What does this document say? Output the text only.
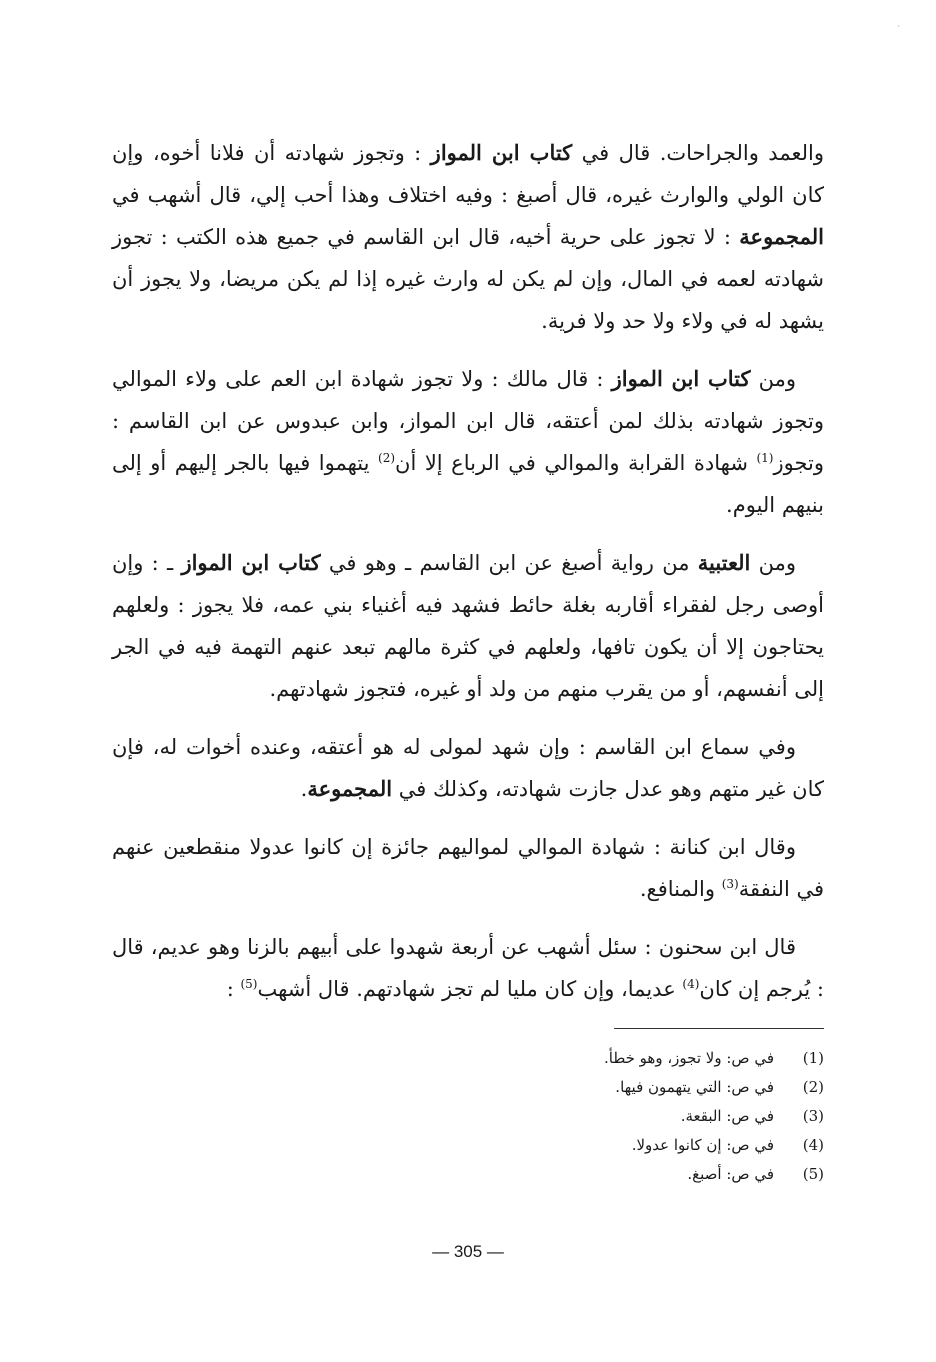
·

والعمد والجراحات. قال في كتاب ابن المواز : وتجوز شهادته أن فلانا أخوه، وإن كان الولي والوارث غيره، قال أصبغ : وفيه اختلاف وهذا أحب إلي، قال أشهب في المجموعة : لا تجوز على حرية أخيه، قال ابن القاسم في جميع هذه الكتب : تجوز شهادته لعمه في المال، وإن لم يكن له وارث غيره إذا لم يكن مريضا، ولا يجوز أن يشهد له في ولاء ولا حد ولا فرية.

ومن كتاب ابن المواز : قال مالك : ولا تجوز شهادة ابن العم على ولاء الموالي وتجوز شهادته بذلك لمن أعتقه، قال ابن المواز، وابن عبدوس عن ابن القاسم : وتجوز$^{(1)}$ شهادة القرابة والموالي في الرباع إلا أن$^{(2)}$ يتهموا فيها بالجر إليهم أو إلى بنيهم اليوم.

ومن العتبية من رواية أصبغ عن ابن القاسم ـ وهو في كتاب ابن المواز ـ : وإن أوصى رجل لفقراء أقاربه بغلة حائط فشهد فيه أغنياء بني عمه، فلا يجوز : ولعلهم يحتاجون إلا أن يكون تافها، ولعلهم في كثرة مالهم تبعد عنهم التهمة فيه في الجر إلى أنفسهم، أو من يقرب منهم من ولد أو غيره، فتجوز شهادتهم.

وفي سماع ابن القاسم : وإن شهد لمولى له هو أعتقه، وعنده أخوات له، فإن كان غير متهم وهو عدل جازت شهادته، وكذلك في المجموعة.

وقال ابن كنانة : شهادة الموالي لمواليهم جائزة إن كانوا عدولا منقطعين عنهم في النفقة$^{(3)}$ والمنافع.

قال ابن سحنون : سئل أشهب عن أربعة شهدوا على أبيهم بالزنا وهو عديم، قال : يُرجم إن كان$^{(4)}$ عديما، وإن كان مليا لم تجز شهادتهم. قال أشهب$^{(5)}$ :

(1)
في ص: ولا تجوز، وهو خطأ.
(2)
في ص: التي يتهمون فيها.
(3)
في ص: البقعة.
(4)
في ص: إن كانوا عدولا.
(5)
في ص: أصبغ.
— 305 —
